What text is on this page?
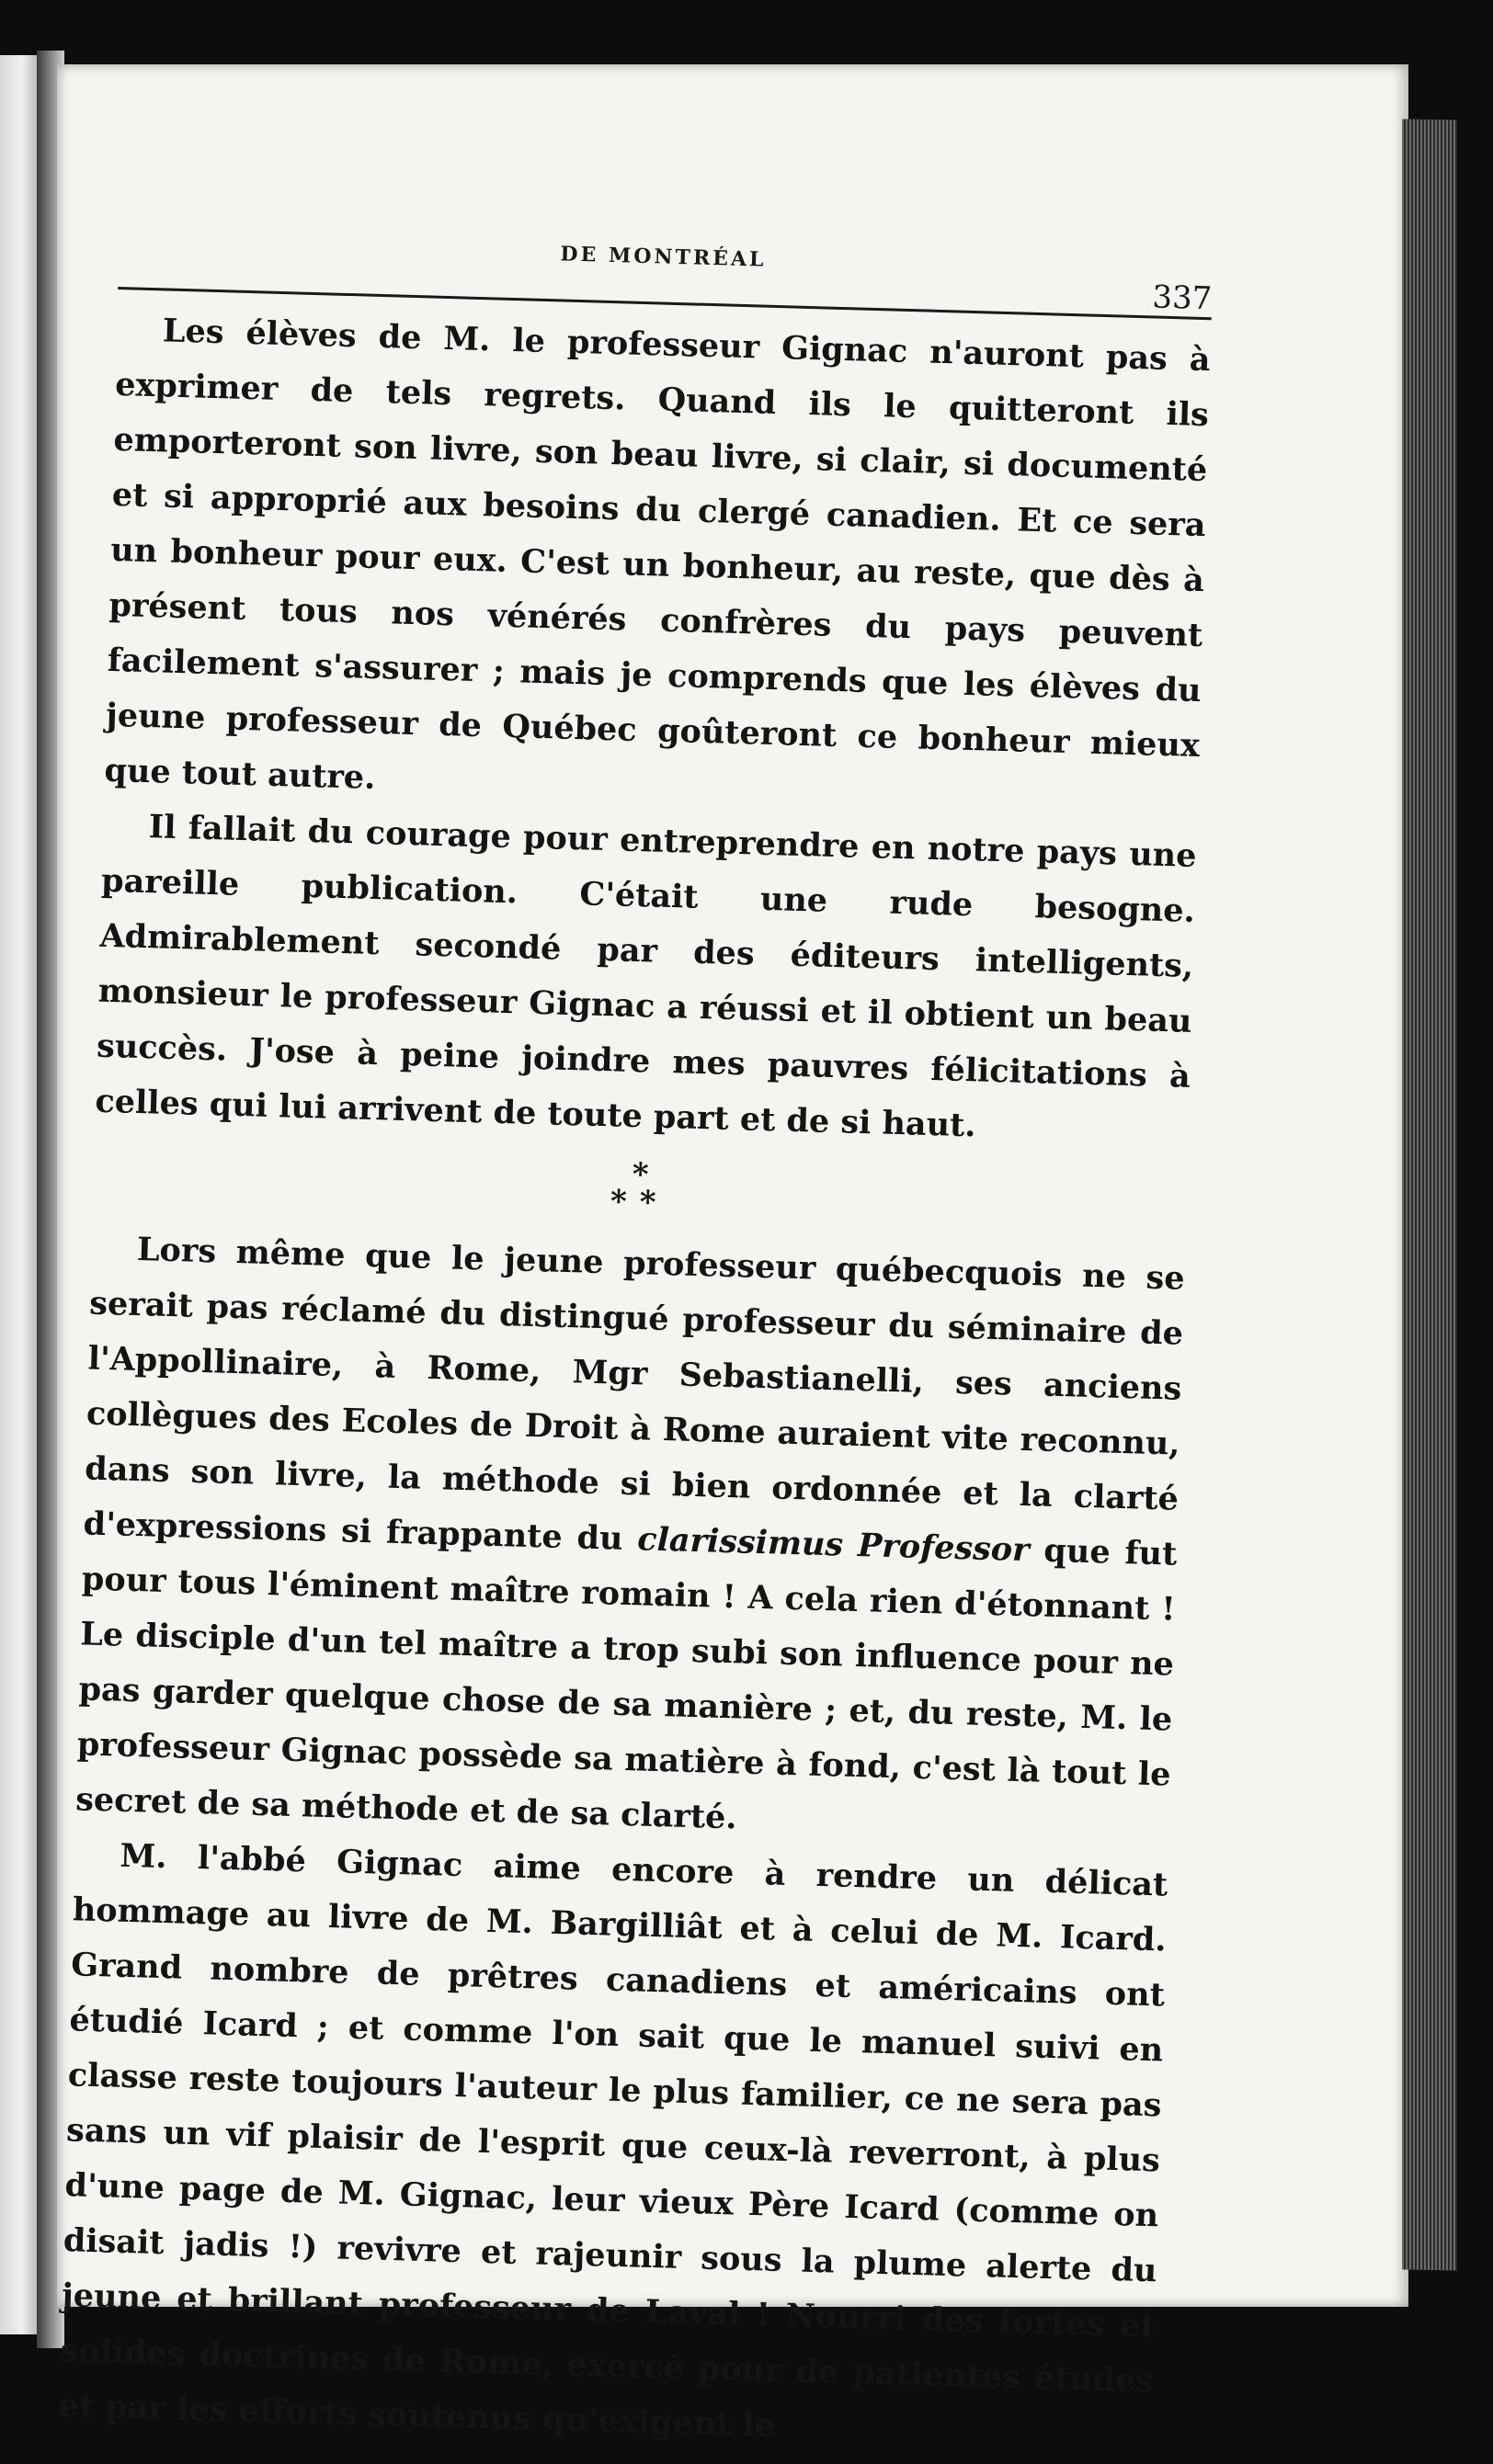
DE MONTRÉAL
337

Les élèves de M. le professeur Gignac n'auront pas à exprimer de tels regrets. Quand ils le quitteront ils emporteront son livre, son beau livre, si clair, si documenté et si approprié aux besoins du clergé canadien. Et ce sera un bonheur pour eux. C'est un bonheur, au reste, que dès à présent tous nos vénérés confrères du pays peuvent facilement s'assurer ; mais je comprends que les élèves du jeune professeur de Québec goûteront ce bonheur mieux que tout autre.

Il fallait du courage pour entreprendre en notre pays une pareille publication. C'était une rude besogne. Admirablement secondé par des éditeurs intelligents, monsieur le professeur Gignac a réussi et il obtient un beau succès. J'ose à peine joindre mes pauvres félicitations à celles qui lui arrivent de toute part et de si haut.

*
**

Lors même que le jeune professeur québecquois ne se serait pas réclamé du distingué professeur du séminaire de l'Appollinaire, à Rome, Mgr Sebastianelli, ses anciens collègues des Ecoles de Droit à Rome auraient vite reconnu, dans son livre, la méthode si bien ordonnée et la clarté d'expressions si frappante du clarissimus Professor que fut pour tous l'éminent maître romain ! A cela rien d'étonnant ! Le disciple d'un tel maître a trop subi son influence pour ne pas garder quelque chose de sa manière ; et, du reste, M. le professeur Gignac possède sa matière à fond, c'est là tout le secret de sa méthode et de sa clarté.

M. l'abbé Gignac aime encore à rendre un délicat hommage au livre de M. Bargilliât et à celui de M. Icard. Grand nombre de prêtres canadiens et américains ont étudié Icard ; et comme l'on sait que le manuel suivi en classe reste toujours l'auteur le plus familier, ce ne sera pas sans un vif plaisir de l'esprit que ceux-là reverront, à plus d'une page de M. Gignac, leur vieux Père Icard (comme on disait jadis !) revivre et rajeunir sous la plume alerte du jeune et brillant professeur de Laval ! Nourri des fortes et solides doctrines de Rome, exercé pour de patientes études et par les efforts soutenus qu'exigent le
